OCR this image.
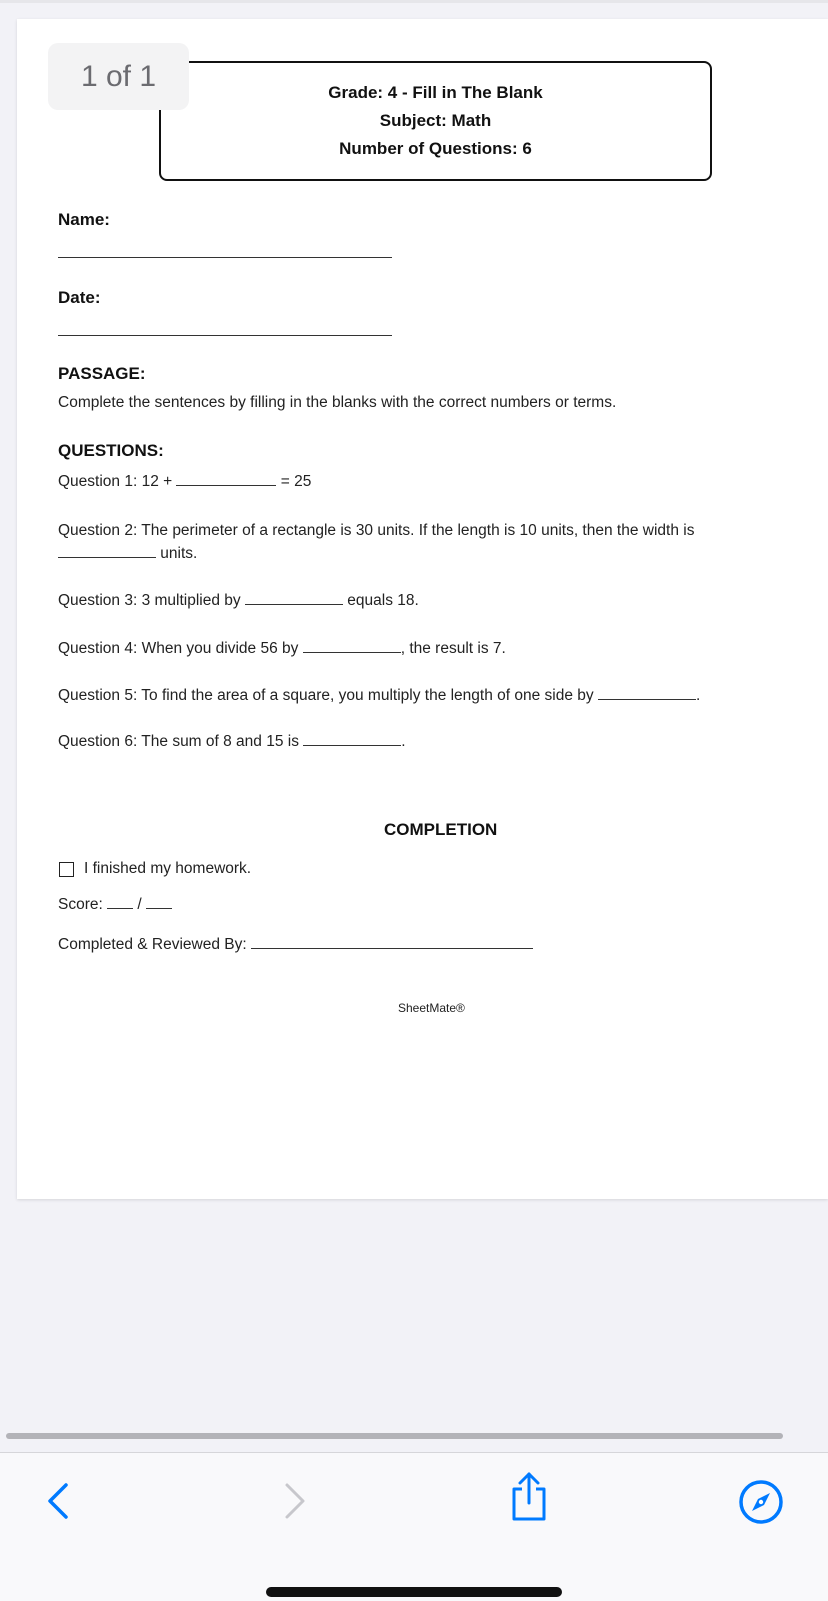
1 of 1	Grade: 4 - Fill in The Blank
Subject: Math
Number of Questions: 6
Name:
Date:
PASSAGE:
Complete the sentences by filling in the blanks with the correct numbers or terms.
QUESTIONS:
Question 1: 12 +	= 25
Question 2: The perimeter of a rectangle is 30 units. If the length is 10 units, then the width is
units.
Question 3: 3 multiplied by	equals 18.
Question 4: When you divide 56 by	, the result is 7.
Question 5: To find the area of a square, you multiply the length of one side by	.
Question 6: The sum of 8 and 15 is	.
COMPLETION
I finished my homework.
Score:  /
Completed & Reviewed By:
SheetMate®
